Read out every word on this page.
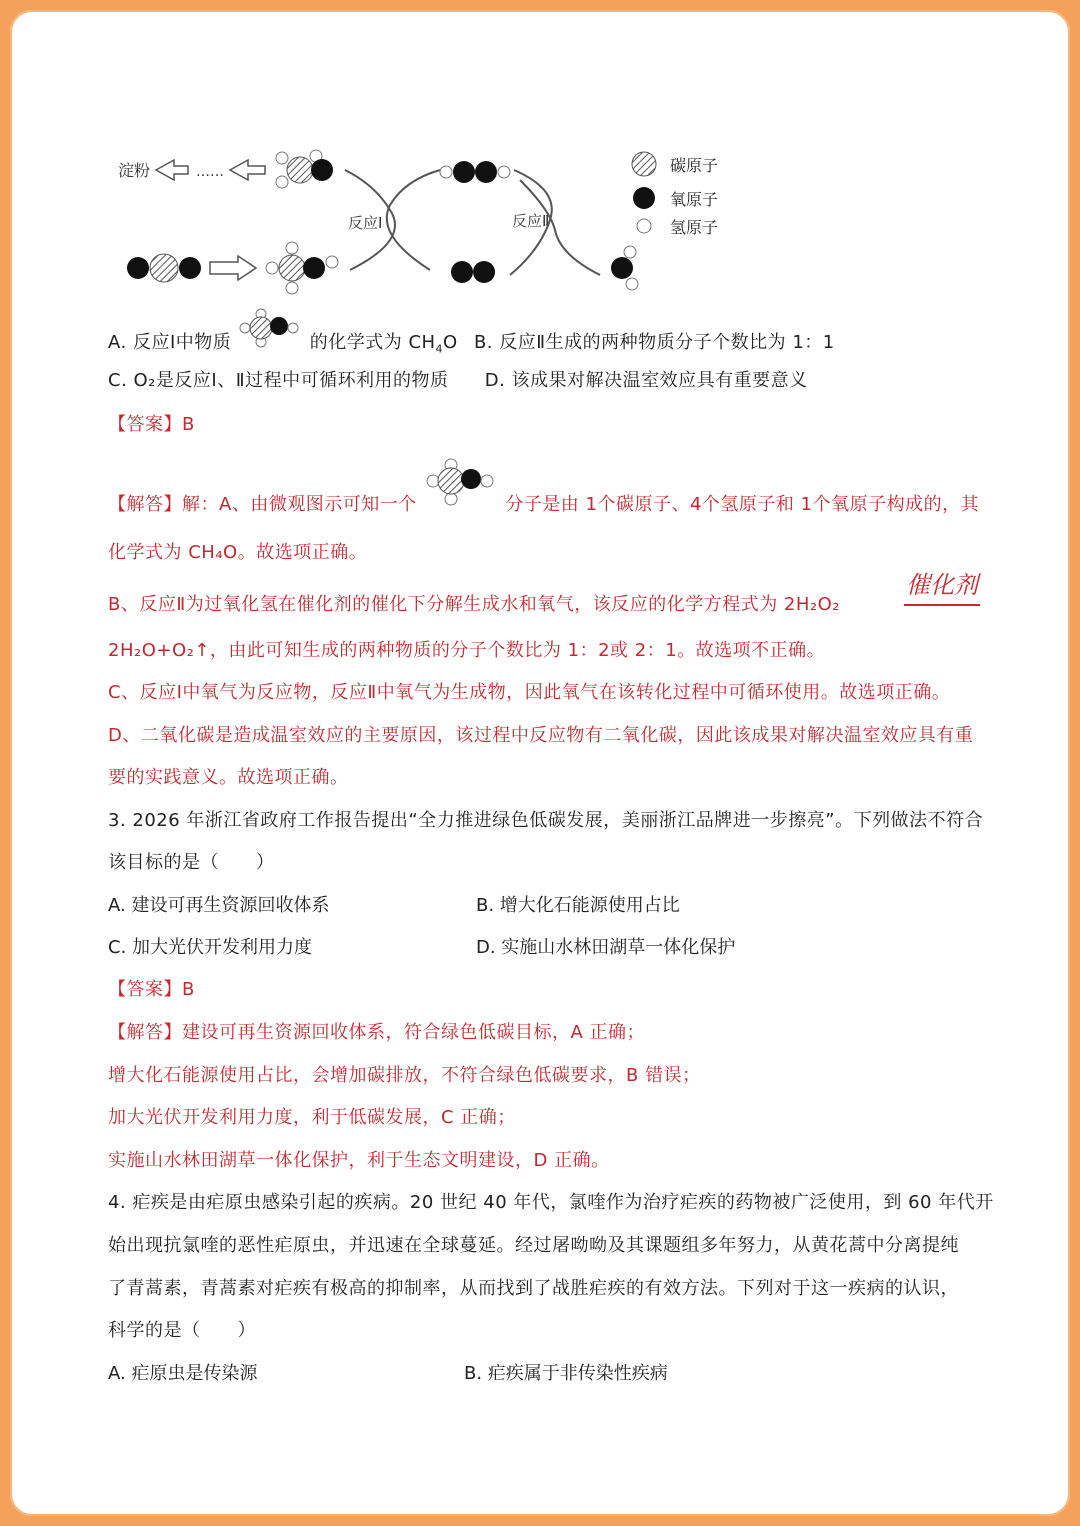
淀粉	……
反应Ⅰ	反应Ⅱ
碳原子
氧原子
氢原子
A. 反应Ⅰ中物质	的化学式为 $CH_4O$ B. 反应Ⅱ生成的两种物质分子个数比为 1：1
C. O₂是反应Ⅰ、Ⅱ过程中可循环利用的物质 D. 该成果对解决温室效应具有重要意义
【答案】B
【解答】解：A、由微观图示可知一个	分子是由 1个碳原子、4个氢原子和 1个氧原子构成的，其
化学式为 CH₄O。故选项正确。
B、反应Ⅱ为过氧化氢在催化剂的催化下分解生成水和氧气，该反应的化学方程式为 2H₂O₂
催化剂
2H₂O+O₂↑，由此可知生成的两种物质的分子个数比为 1：2或 2：1。故选项不正确。
C、反应Ⅰ中氧气为反应物，反应Ⅱ中氧气为生成物，因此氧气在该转化过程中可循环使用。故选项正确。
D、二氧化碳是造成温室效应的主要原因，该过程中反应物有二氧化碳，因此该成果对解决温室效应具有重
要的实践意义。故选项正确。
3. 2026 年浙江省政府工作报告提出“全力推进绿色低碳发展，美丽浙江品牌进一步擦亮”。下列做法不符合
该目标的是（　　）
A. 建设可再生资源回收体系	B. 增大化石能源使用占比
C. 加大光伏开发利用力度	D. 实施山水林田湖草一体化保护
【答案】B
【解答】建设可再生资源回收体系，符合绿色低碳目标，A 正确；
增大化石能源使用占比，会增加碳排放，不符合绿色低碳要求，B 错误；
加大光伏开发利用力度，利于低碳发展，C 正确；
实施山水林田湖草一体化保护，利于生态文明建设，D 正确。
4. 疟疾是由疟原虫感染引起的疾病。20 世纪 40 年代，氯喹作为治疗疟疾的药物被广泛使用，到 60 年代开
始出现抗氯喹的恶性疟原虫，并迅速在全球蔓延。经过屠呦呦及其课题组多年努力，从黄花蒿中分离提纯
了青蒿素，青蒿素对疟疾有极高的抑制率，从而找到了战胜疟疾的有效方法。下列对于这一疾病的认识，
科学的是（　　）
A. 疟原虫是传染源	B. 疟疾属于非传染性疾病
